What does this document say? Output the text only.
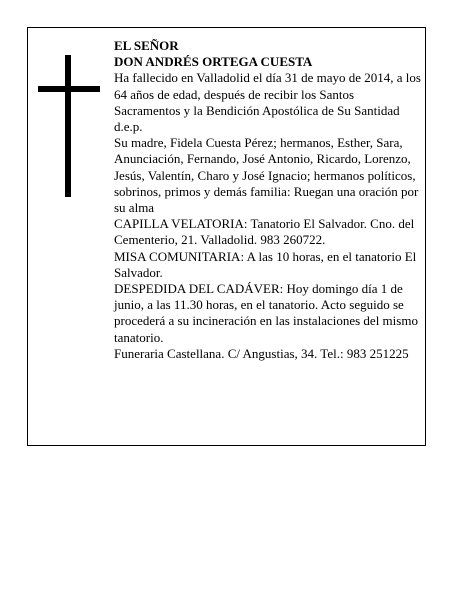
EL SEÑOR

DON ANDRÉS ORTEGA CUESTA

Ha fallecido en Valladolid el día 31 de mayo de 2014, a los 64 años de edad, después de recibir los Santos Sacramentos y la Bendición Apostólica de Su Santidad d.e.p.

Su madre, Fidela Cuesta Pérez; hermanos, Esther, Sara, Anunciación, Fernando, José Antonio, Ricardo, Lorenzo, Jesús, Valentín, Charo y José Ignacio; hermanos políticos, sobrinos, primos y demás familia: Ruegan una oración por su alma

CAPILLA VELATORIA: Tanatorio El Salvador. Cno. del Cementerio, 21. Valladolid. 983 260722.

MISA COMUNITARIA: A las 10 horas, en el tanatorio El Salvador.

DESPEDIDA DEL CADÁVER: Hoy domingo día 1 de junio, a las 11.30 horas, en el tanatorio. Acto seguido se procederá a su incineración en las instalaciones del mismo tanatorio.

Funeraria Castellana. C/ Angustias, 34. Tel.: 983 251225
